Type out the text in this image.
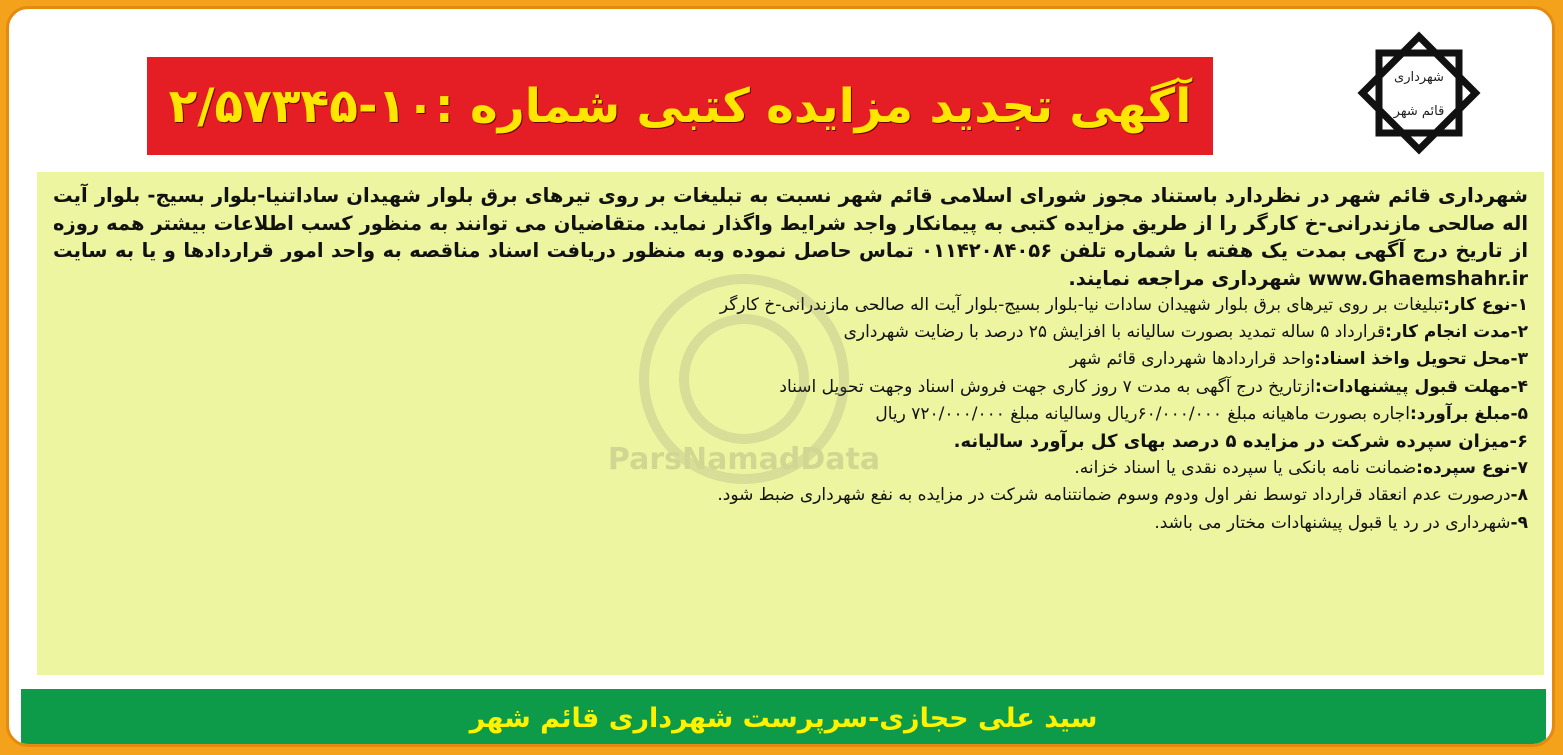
شهرداری
قائم شهر
آگهی تجدید مزایده کتبی شماره :۱۰-۲/۵۷۳۴۵

شهرداری قائم شهر در نظردارد باستناد مجوز شورای اسلامی قائم شهر نسبت به تبلیغات بر روی تیرهای برق بلوار شهیدان ساداتنیا-بلوار بسیج- بلوار آیت اله صالحی مازندرانی-خ کارگر را از طریق مزایده کتبی به پیمانکار واجد شرایط واگذار نماید. متقاضیان می توانند به منظور کسب اطلاعات بیشتر همه روزه از تاریخ درج آگهی بمدت یک هفته با شماره تلفن ۰۱۱۴۲۰۸۴۰۵۶ تماس حاصل نموده وبه منظور دریافت اسناد مناقصه به واحد امور قراردادها و یا به سایت www.Ghaemshahr.ir شهرداری مراجعه نمایند.

۱-نوع کار:تبلیغات بر روی تیرهای برق بلوار شهیدان سادات نیا-بلوار بسیج-بلوار آیت اله صالحی مازندرانی-خ کارگر

۲-مدت انجام کار:قرارداد ۵ ساله تمدید بصورت سالیانه با افزایش ۲۵ درصد با رضایت شهرداری

۳-محل تحویل واخذ اسناد:واحد قراردادها شهرداری قائم شهر

۴-مهلت قبول پیشنهادات:ازتاریخ درج آگهی به مدت ۷ روز کاری جهت فروش اسناد وجهت تحویل اسناد

۵-مبلغ برآورد:اجاره بصورت ماهیانه مبلغ ۶۰/۰۰۰/۰۰۰ریال وسالیانه مبلغ ۷۲۰/۰۰۰/۰۰۰ ریال

۶-میزان سپرده شرکت در مزایده ۵ درصد بهای کل برآورد سالیانه.

۷-نوع سپرده:ضمانت نامه بانکی یا سپرده نقدی یا اسناد خزانه.

۸-درصورت عدم انعقاد قرارداد توسط نفر اول ودوم وسوم ضمانتنامه شرکت در مزایده به نفع شهرداری ضبط شود.

۹-شهرداری در رد یا قبول پیشنهادات مختار می باشد.

سید علی حجازی-سرپرست شهرداری قائم شهر
